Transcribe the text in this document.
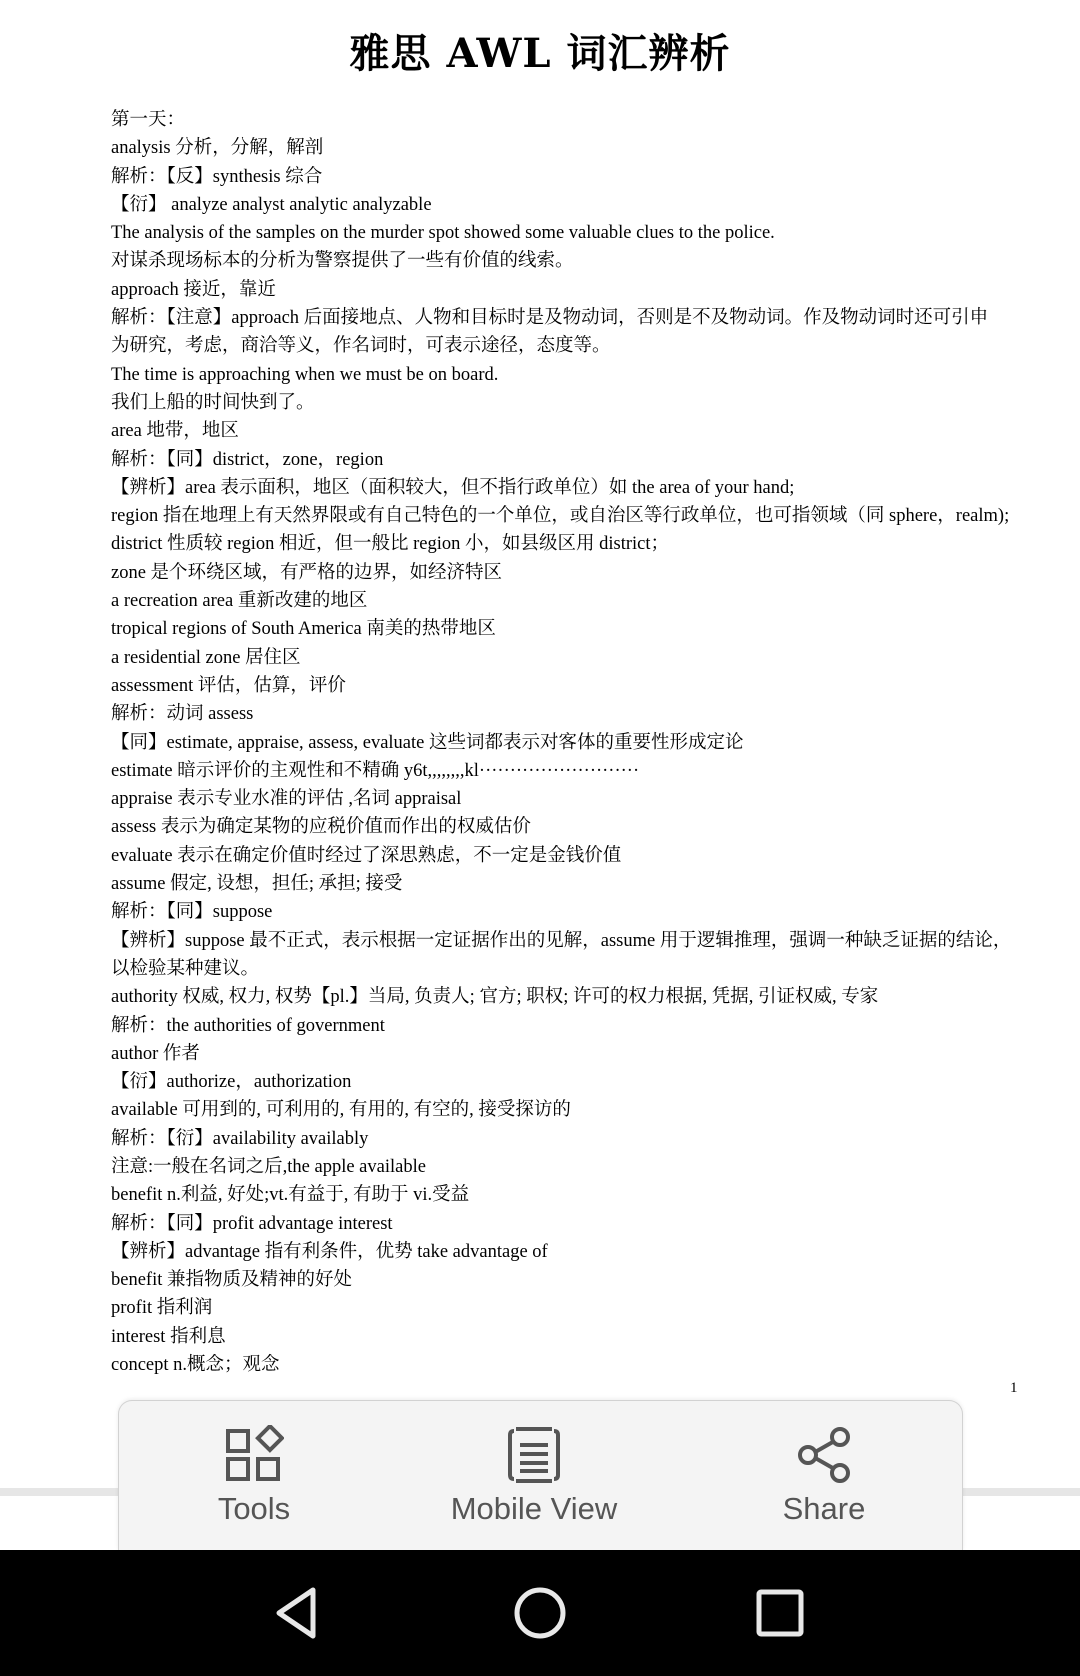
雅思 AWL 词汇辨析
第一天：
analysis 分析，分解，解剖
解析：【反】synthesis 综合
【衍】 analyze analyst analytic analyzable
The analysis of the samples on the murder spot showed some valuable clues to the police.
对谋杀现场标本的分析为警察提供了一些有价值的线索。
approach 接近，靠近
解析：【注意】approach 后面接地点、人物和目标时是及物动词，否则是不及物动词。作及物动词时还可引申
为研究，考虑，商洽等义，作名词时，可表示途径，态度等。
The time is approaching when we must be on board.
我们上船的时间快到了。
area 地带，地区
解析：【同】district，zone，region
【辨析】area 表示面积，地区（面积较大，但不指行政单位）如 the area of your hand;
region 指在地理上有天然界限或有自己特色的一个单位，或自治区等行政单位，也可指领域（同 sphere，realm);
district 性质较 region 相近，但一般比 region 小，如县级区用 district；
zone 是个环绕区域，有严格的边界，如经济特区
a recreation area 重新改建的地区
tropical regions of South America 南美的热带地区
a residential zone 居住区
assessment 评估，估算，评价
解析：动词 assess
【同】estimate, appraise, assess, evaluate 这些词都表示对客体的重要性形成定论
estimate 暗示评价的主观性和不精确 y6t,,,,,,,,kl··························
appraise 表示专业水准的评估 ,名词 appraisal
assess 表示为确定某物的应税价值而作出的权威估价
evaluate 表示在确定价值时经过了深思熟虑，不一定是金钱价值
assume 假定, 设想，担任; 承担; 接受
解析：【同】suppose
【辨析】suppose 最不正式，表示根据一定证据作出的见解，assume 用于逻辑推理，强调一种缺乏证据的结论，
以检验某种建议。
authority 权威, 权力, 权势【pl.】当局, 负责人; 官方; 职权; 许可的权力根据, 凭据, 引证权威, 专家
解析：the authorities of government
author 作者
【衍】authorize，authorization
available 可用到的, 可利用的, 有用的, 有空的, 接受探访的
解析：【衍】availability availably
注意:一般在名词之后,the apple available
benefit n.利益, 好处;vt.有益于, 有助于 vi.受益
解析：【同】profit advantage interest
【辨析】advantage 指有利条件，优势 take advantage of
benefit 兼指物质及精神的好处
profit 指利润
interest 指利息
concept n.概念；观念
1
Tools	Mobile View	Share
